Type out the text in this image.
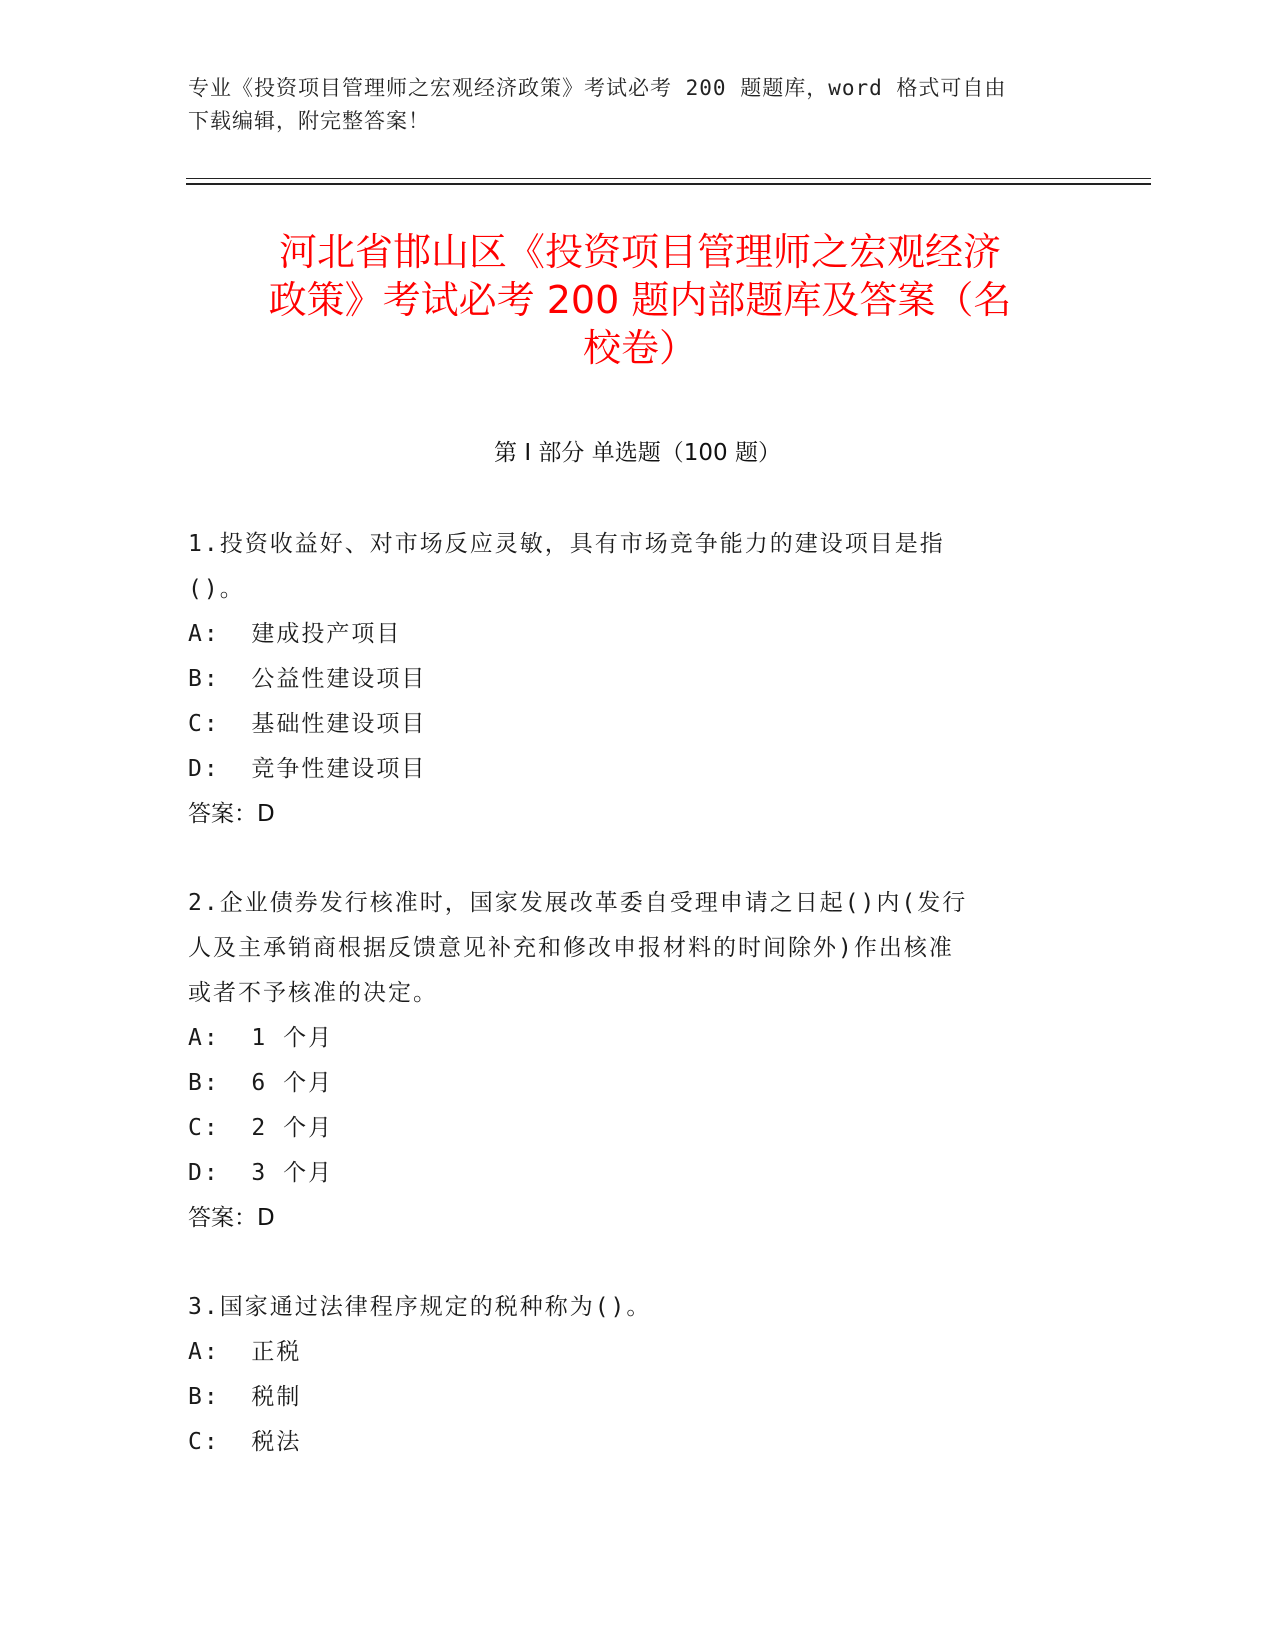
专业《投资项目管理师之宏观经济政策》考试必考 200 题题库，word 格式可自由
下载编辑，附完整答案！
河北省邯山区《投资项目管理师之宏观经济
政策》考试必考 200 题内部题库及答案（名
校卷）
第 I 部分 单选题（100 题）

1.投资收益好、对市场反应灵敏，具有市场竞争能力的建设项目是指

()。

A:  建成投产项目

B:  公益性建设项目

C:  基础性建设项目

D:  竞争性建设项目

答案：D

2.企业债券发行核准时，国家发展改革委自受理申请之日起()内(发行

人及主承销商根据反馈意见补充和修改申报材料的时间除外)作出核准

或者不予核准的决定。

A:  1 个月

B:  6 个月

C:  2 个月

D:  3 个月

答案：D

3.国家通过法律程序规定的税种称为()。

A:  正税

B:  税制

C:  税法
